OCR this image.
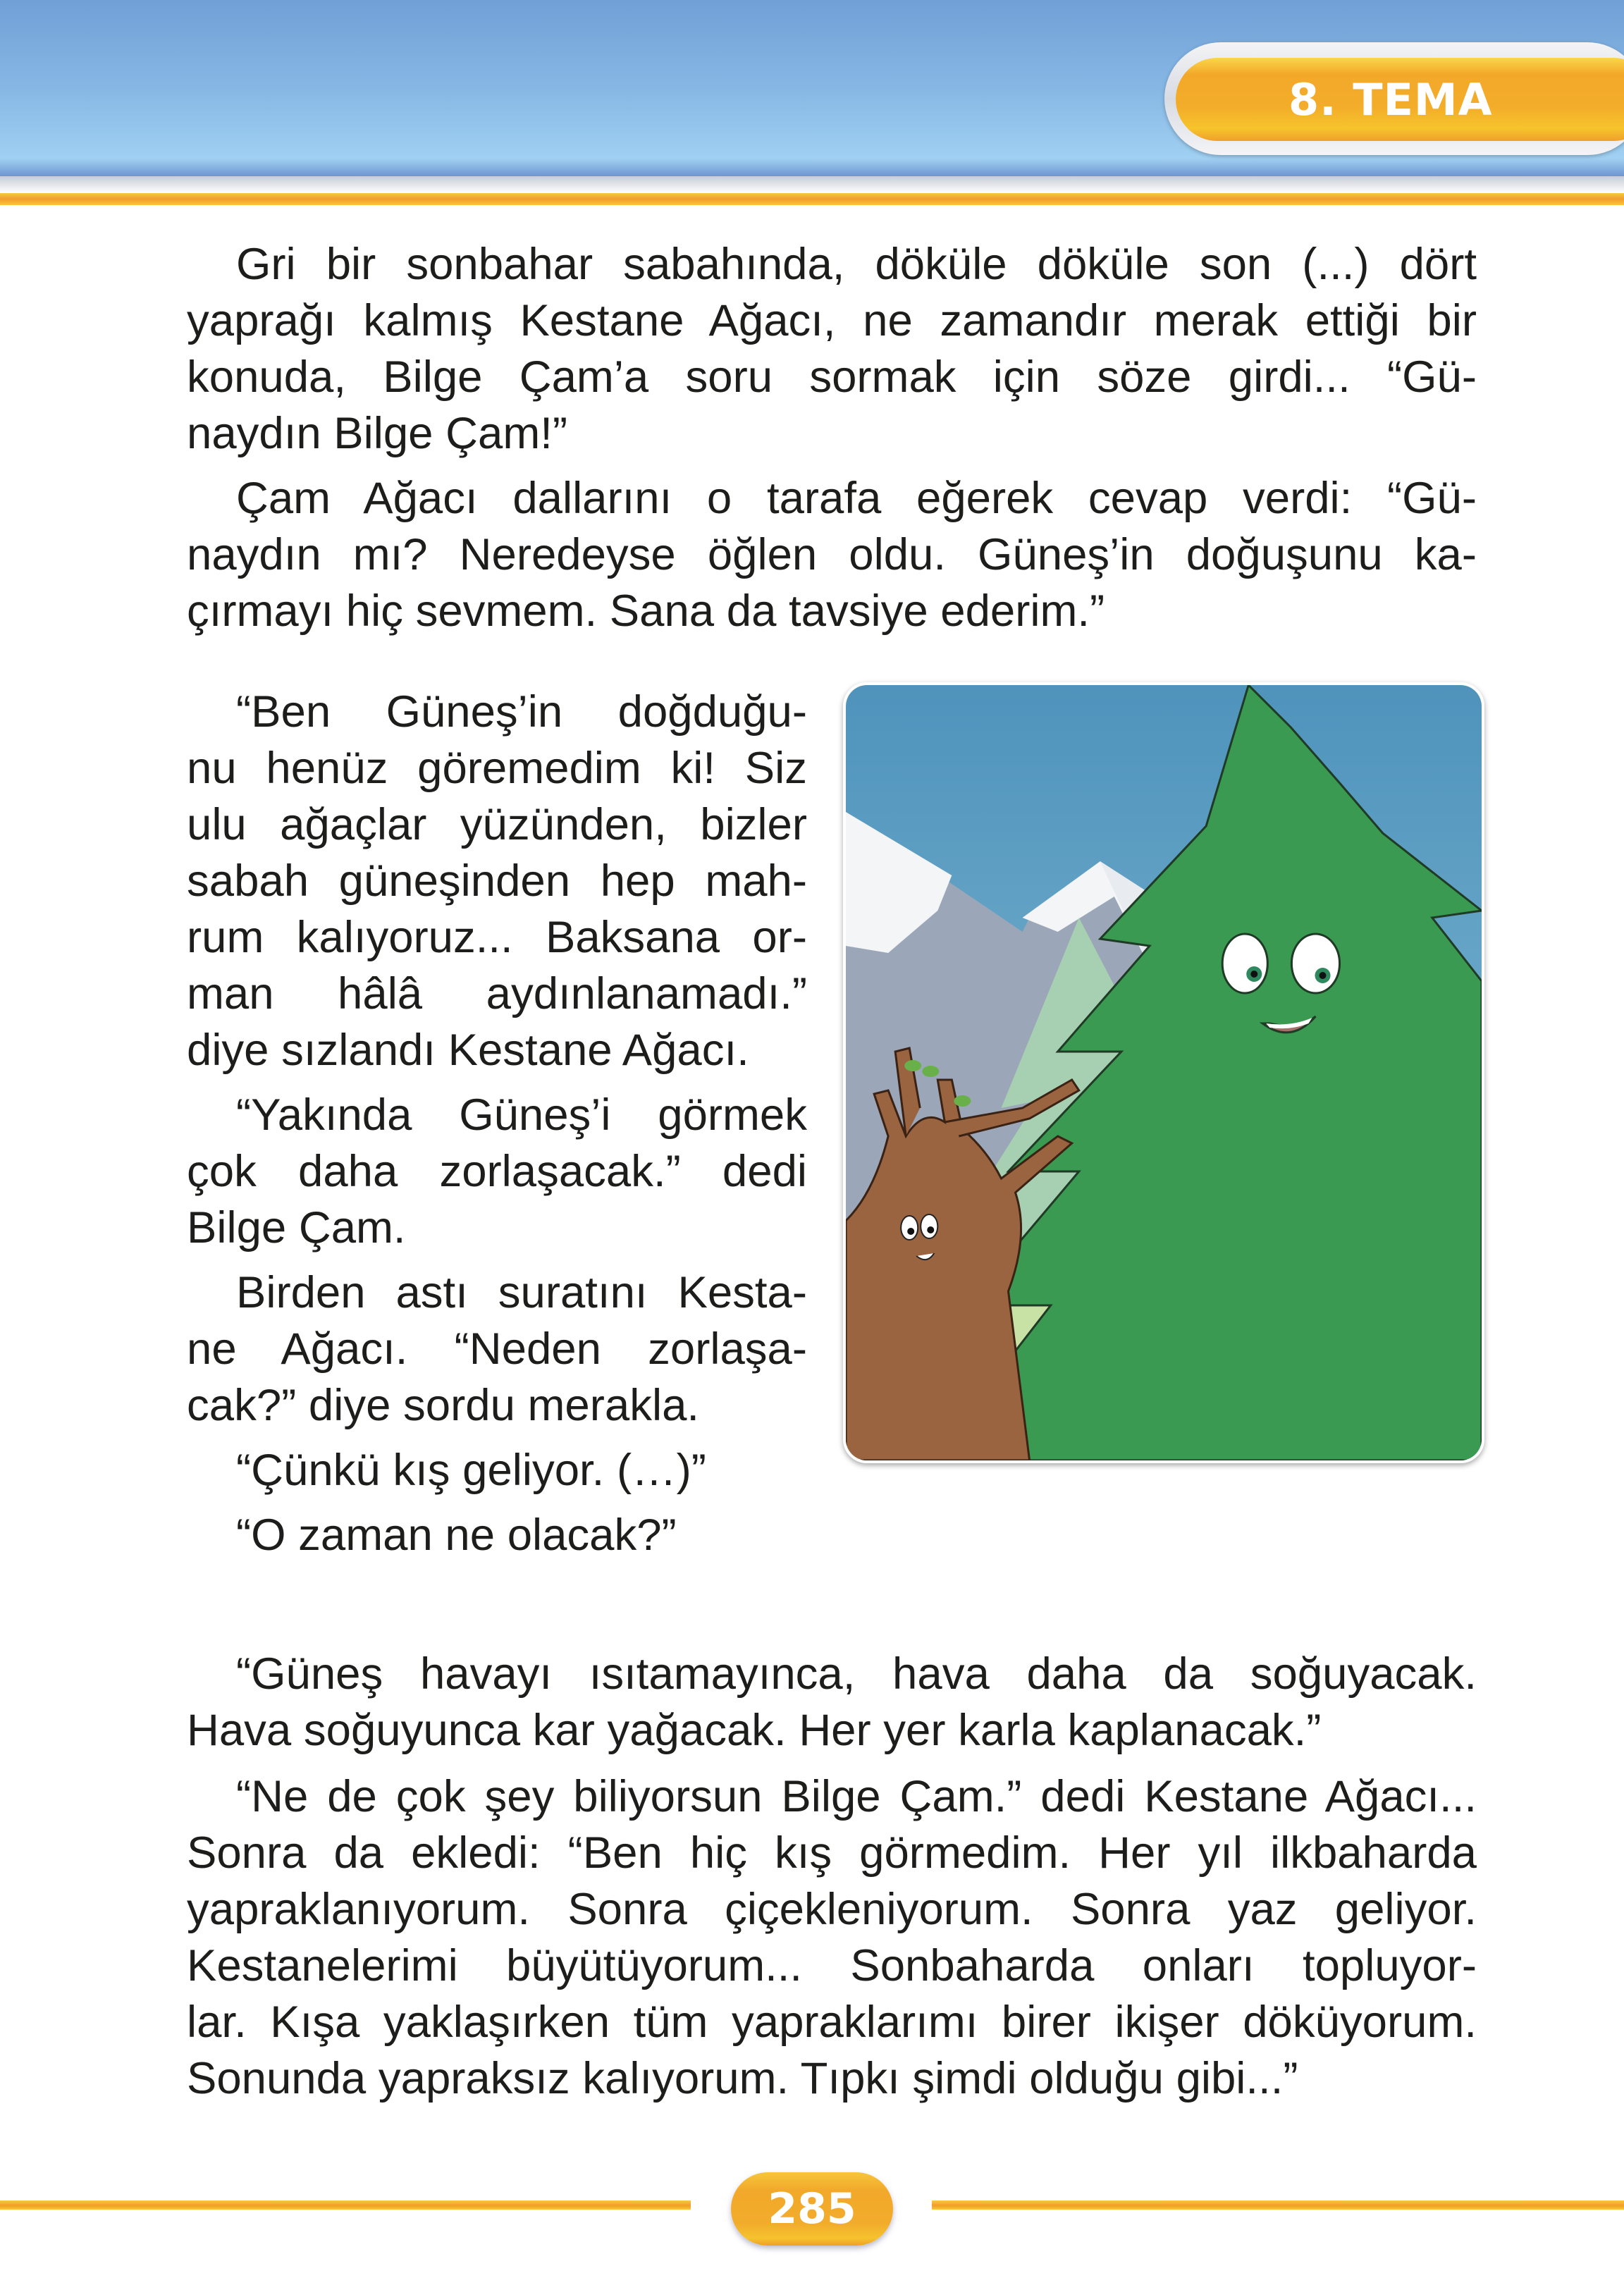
8. TEMA

Gri bir sonbahar sabahında, döküle döküle son (...) dört
yaprağı kalmış Kestane Ağacı, ne zamandır merak ettiği bir
konuda, Bilge Çam’a soru sormak için söze girdi... “Gü-
naydın Bilge Çam!”

Çam Ağacı dallarını o tarafa eğerek cevap verdi: “Gü-
naydın mı? Neredeyse öğlen oldu. Güneş’in doğuşunu ka-
çırmayı hiç sevmem. Sana da tavsiye ederim.”

“Ben Güneş’in doğduğu-
nu henüz göremedim ki! Siz
ulu ağaçlar yüzünden, bizler
sabah güneşinden hep mah-
rum kalıyoruz... Baksana or-
man hâlâ aydınlanamadı.”
diye sızlandı Kestane Ağacı.

“Yakında Güneş’i görmek
çok daha zorlaşacak.” dedi
Bilge Çam.

Birden astı suratını Kesta-
ne Ağacı. “Neden zorlaşa-
cak?” diye sordu merakla.

“Çünkü kış geliyor. (…)”

“O zaman ne olacak?”

“Güneş havayı ısıtamayınca, hava daha da soğuyacak.
Hava soğuyunca kar yağacak. Her yer karla kaplanacak.”

“Ne de çok şey biliyorsun Bilge Çam.” dedi Kestane Ağacı...
Sonra da ekledi: “Ben hiç kış görmedim. Her yıl ilkbaharda
yapraklanıyorum. Sonra çiçekleniyorum. Sonra yaz geliyor.
Kestanelerimi büyütüyorum... Sonbaharda onları topluyor-
lar. Kışa yaklaşırken tüm yapraklarımı birer ikişer döküyorum.
Sonunda yapraksız kalıyorum. Tıpkı şimdi olduğu gibi...”

285
